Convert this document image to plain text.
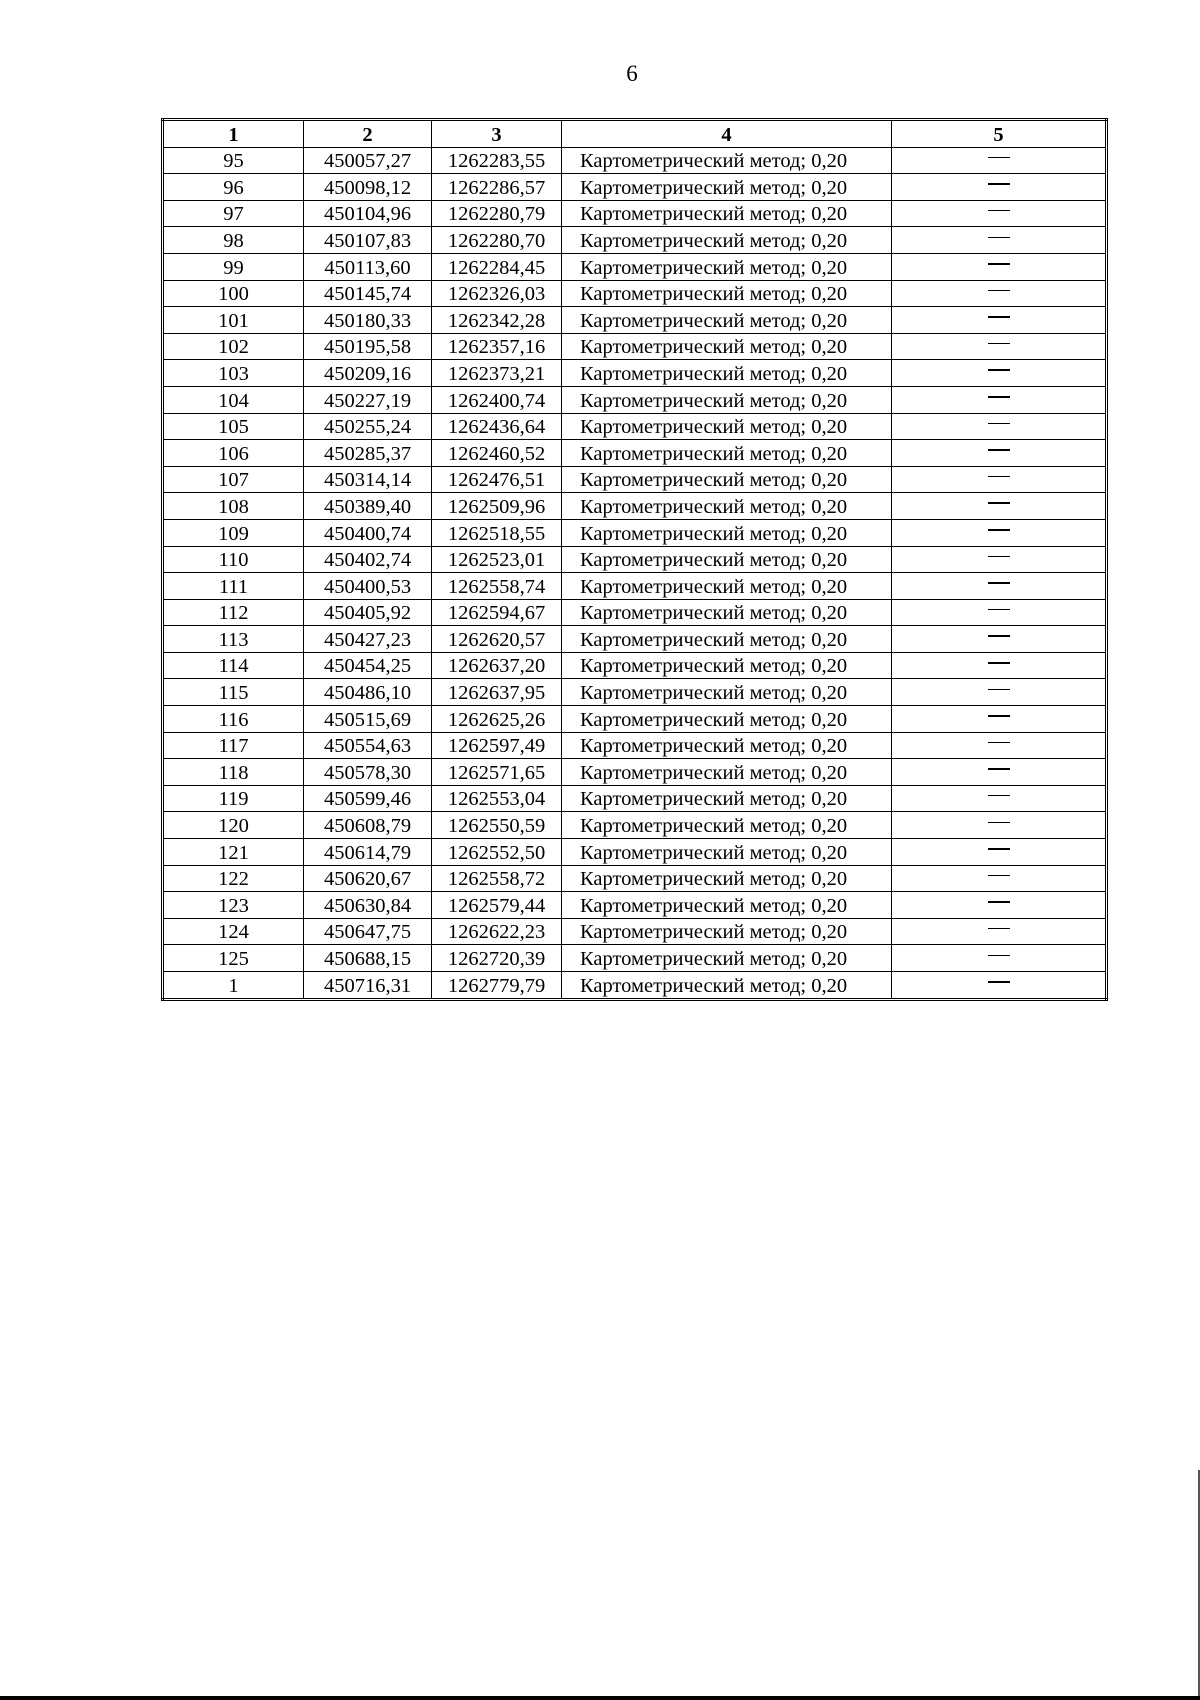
6
1	2	3	4	5
95	450057,27	1262283,55	Картометрический метод; 0,20	
96	450098,12	1262286,57	Картометрический метод; 0,20	
97	450104,96	1262280,79	Картометрический метод; 0,20	
98	450107,83	1262280,70	Картометрический метод; 0,20	
99	450113,60	1262284,45	Картометрический метод; 0,20	
100	450145,74	1262326,03	Картометрический метод; 0,20	
101	450180,33	1262342,28	Картометрический метод; 0,20	
102	450195,58	1262357,16	Картометрический метод; 0,20	
103	450209,16	1262373,21	Картометрический метод; 0,20	
104	450227,19	1262400,74	Картометрический метод; 0,20	
105	450255,24	1262436,64	Картометрический метод; 0,20	
106	450285,37	1262460,52	Картометрический метод; 0,20	
107	450314,14	1262476,51	Картометрический метод; 0,20	
108	450389,40	1262509,96	Картометрический метод; 0,20	
109	450400,74	1262518,55	Картометрический метод; 0,20	
110	450402,74	1262523,01	Картометрический метод; 0,20	
111	450400,53	1262558,74	Картометрический метод; 0,20	
112	450405,92	1262594,67	Картометрический метод; 0,20	
113	450427,23	1262620,57	Картометрический метод; 0,20	
114	450454,25	1262637,20	Картометрический метод; 0,20	
115	450486,10	1262637,95	Картометрический метод; 0,20	
116	450515,69	1262625,26	Картометрический метод; 0,20	
117	450554,63	1262597,49	Картометрический метод; 0,20	
118	450578,30	1262571,65	Картометрический метод; 0,20	
119	450599,46	1262553,04	Картометрический метод; 0,20	
120	450608,79	1262550,59	Картометрический метод; 0,20	
121	450614,79	1262552,50	Картометрический метод; 0,20	
122	450620,67	1262558,72	Картометрический метод; 0,20	
123	450630,84	1262579,44	Картометрический метод; 0,20	
124	450647,75	1262622,23	Картометрический метод; 0,20	
125	450688,15	1262720,39	Картометрический метод; 0,20	
1	450716,31	1262779,79	Картометрический метод; 0,20	
